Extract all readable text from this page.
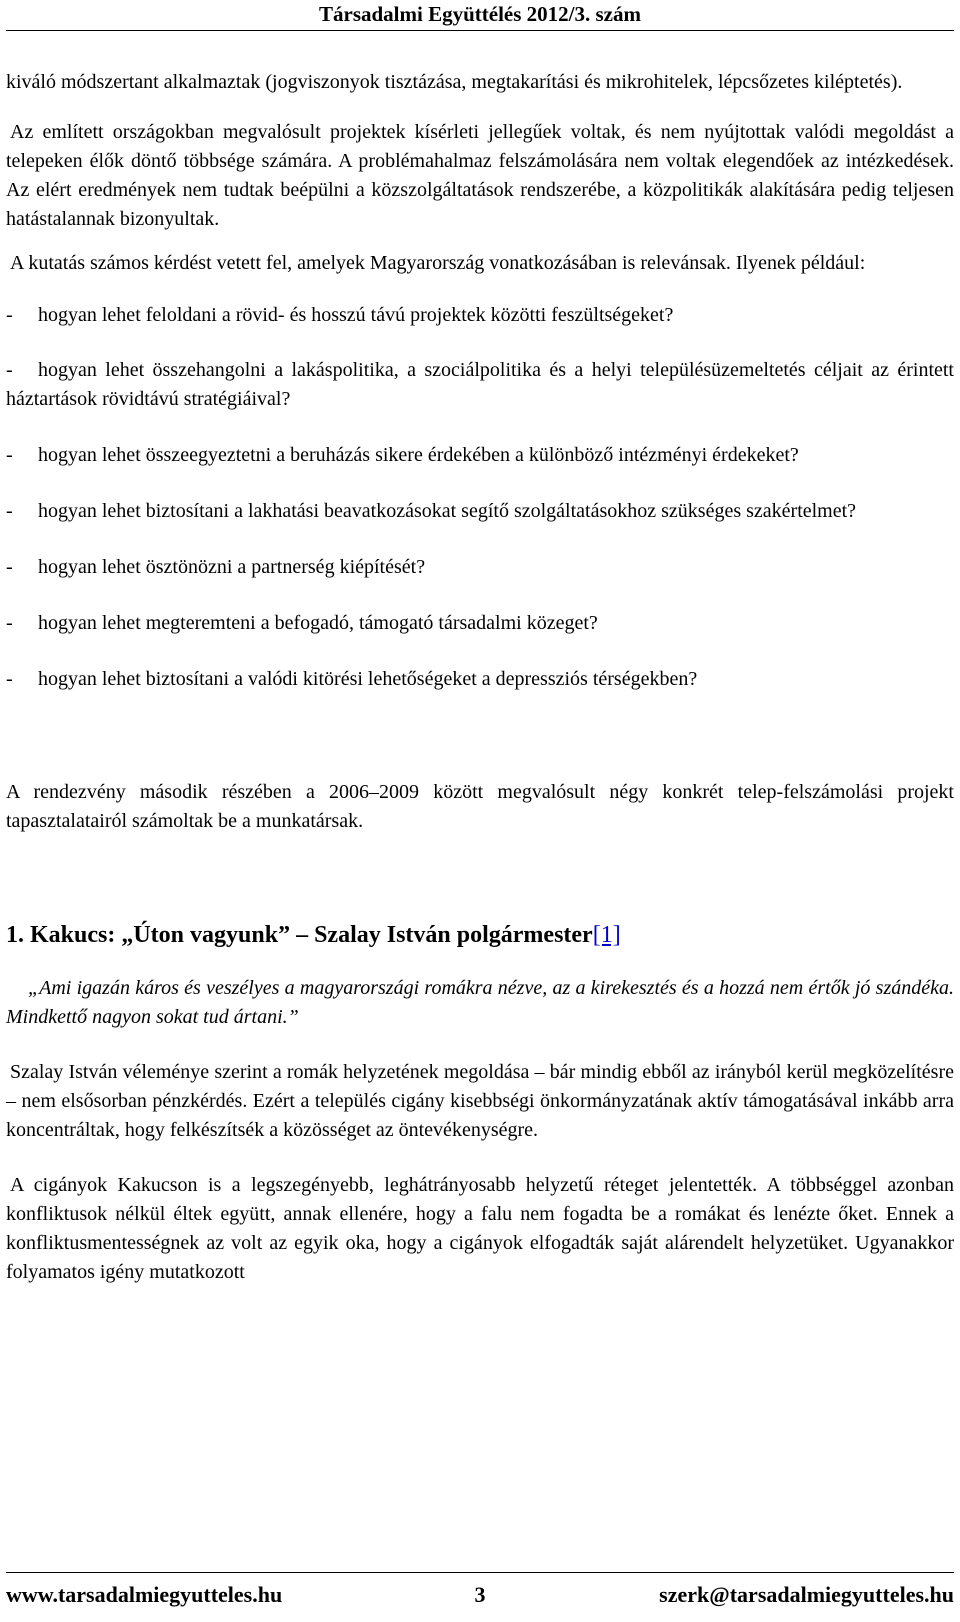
Társadalmi Együttélés 2012/3. szám

kiváló módszertant alkalmaztak (jogviszonyok tisztázása, megtakarítási és mikrohitelek, lépcsőzetes kiléptetés).

Az említett országokban megvalósult projektek kísérleti jellegűek voltak, és nem nyújtottak valódi megoldást a telepeken élők döntő többsége számára. A problémahalmaz felszámolására nem voltak elegendőek az intézkedések. Az elért eredmények nem tudtak beépülni a közszolgáltatások rendszerébe, a közpolitikák alakítására pedig teljesen hatástalannak bizonyultak.

A kutatás számos kérdést vetett fel, amelyek Magyarország vonatkozásában is relevánsak. Ilyenek például:

- hogyan lehet feloldani a rövid- és hosszú távú projektek közötti feszültségeket?

- hogyan lehet összehangolni a lakáspolitika, a szociálpolitika és a helyi településüzemeltetés céljait az érintett háztartások rövidtávú stratégiáival?

- hogyan lehet összeegyeztetni a beruházás sikere érdekében a különböző intézményi érdekeket?

- hogyan lehet biztosítani a lakhatási beavatkozásokat segítő szolgáltatásokhoz szükséges szakértelmet?

- hogyan lehet ösztönözni a partnerség kiépítését?

- hogyan lehet megteremteni a befogadó, támogató társadalmi közeget?

- hogyan lehet biztosítani a valódi kitörési lehetőségeket a depressziós térségekben?

A rendezvény második részében a 2006–2009 között megvalósult négy konkrét telep-felszámolási projekt tapasztalatairól számoltak be a munkatársak.

1. Kakucs: „Úton vagyunk” – Szalay István polgármester[1]

„Ami igazán káros és veszélyes a magyarországi romákra nézve, az a kirekesztés és a hozzá nem értők jó szándéka. Mindkettő nagyon sokat tud ártani.”

Szalay István véleménye szerint a romák helyzetének megoldása – bár mindig ebből az irányból kerül megközelítésre – nem elsősorban pénzkérdés. Ezért a település cigány kisebbségi önkormányzatának aktív támogatásával inkább arra koncentráltak, hogy felkészítsék a közösséget az öntevékenységre.

A cigányok Kakucson is a legszegényebb, leghátrányosabb helyzetű réteget jelentették. A többséggel azonban konfliktusok nélkül éltek együtt, annak ellenére, hogy a falu nem fogadta be a romákat és lenézte őket. Ennek a konfliktusmentességnek az volt az egyik oka, hogy a cigányok elfogadták saját alárendelt helyzetüket. Ugyanakkor folyamatos igény mutatkozott

www.tarsadalmiegyutteles.hu	3	szerk@tarsadalmiegyutteles.hu
